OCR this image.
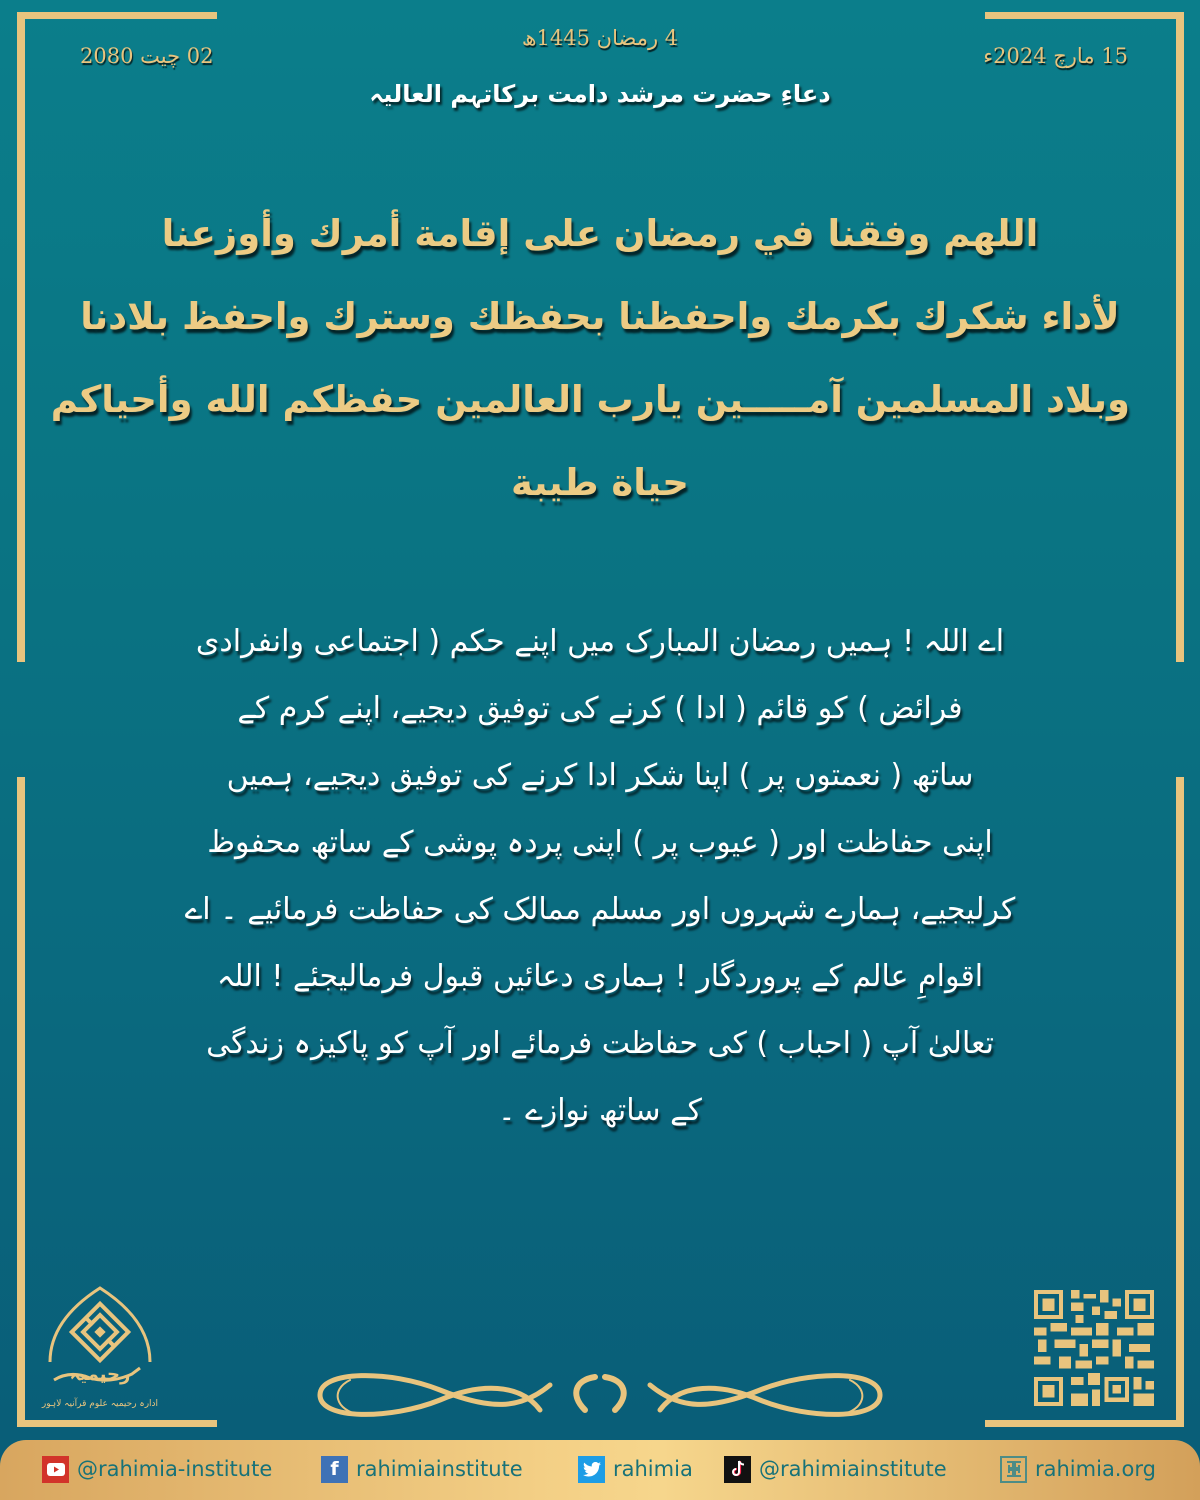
02 چیت 2080
4 رمضان 1445ھ
15 مارچ 2024ء
دعاءِ حضرت مرشد دامت برکاتہم العالیہ
اللهم وفقنا في رمضان على إقامة أمرك وأوزعنا
لأداء شكرك بكرمك واحفظنا بحفظك وسترك واحفظ بلادنا
وبلاد المسلمين آمـــــين يارب العالمين حفظكم الله وأحياكم
حياة طيبة
اے اللہ ! ہمیں رمضان المبارک میں اپنے حکم ( اجتماعی وانفرادی
فرائض ) کو قائم ( ادا ) کرنے کی توفیق دیجیے، اپنے کرم کے
ساتھ ( نعمتوں پر ) اپنا شکر ادا کرنے کی توفیق دیجیے، ہمیں
اپنی حفاظت اور ( عیوب پر ) اپنی پردہ پوشی کے ساتھ محفوظ
کرلیجیے، ہمارے شہروں اور مسلم ممالک کی حفاظت فرمائیے ۔ اے
اقوامِ عالم کے پروردگار ! ہماری دعائیں قبول فرمالیجئے ! اللہ
تعالیٰ آپ ( احباب ) کی حفاظت فرمائے اور آپ کو پاکیزہ زندگی
کے ساتھ نوازے ۔
رحیمیہ
ادارہ رحیمیہ علوم قرآنیہ لاہور
@rahimia-institute	f rahimiainstitute	rahimia	@rahimiainstitute	rahimia.org
